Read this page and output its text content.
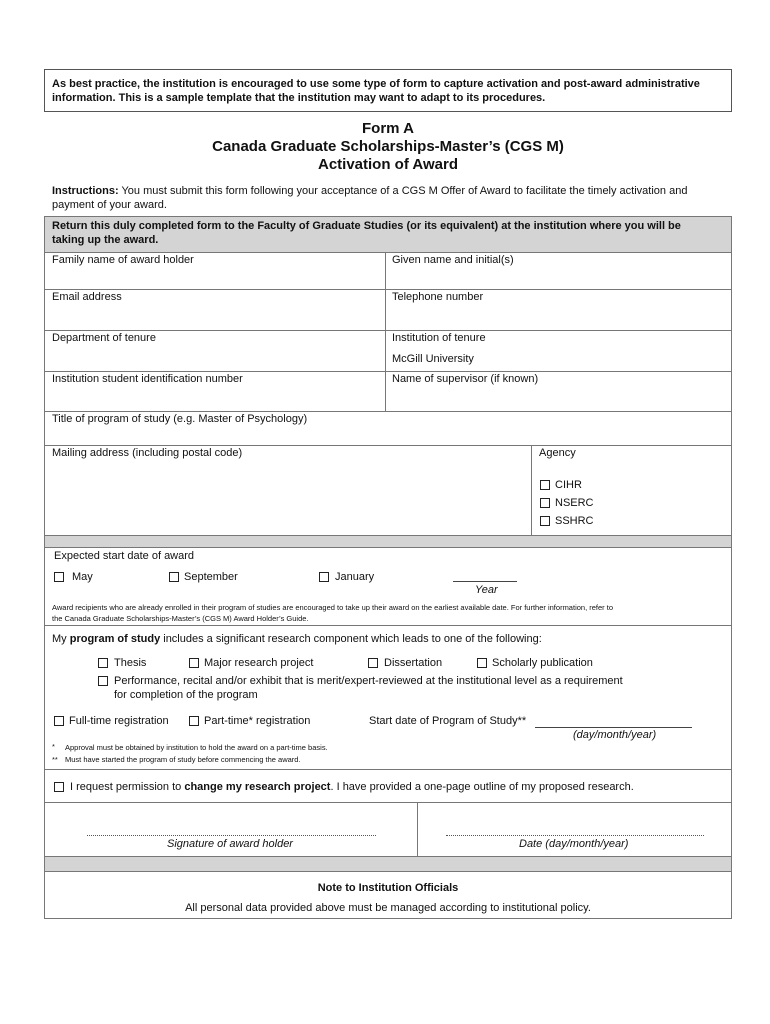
As best practice, the institution is encouraged to use some type of form to capture activation and post-award administrative
information. This is a sample template that the institution may want to adapt to its procedures.
Form A
Canada Graduate Scholarships-Master’s (CGS M)
Activation of Award
Instructions: You must submit this form following your acceptance of a CGS M Offer of Award to facilitate the timely activation and
payment of your award.
Return this duly completed form to the Faculty of Graduate Studies (or its equivalent) at the institution where you will be
taking up the award.
Family name of award holder	Given name and initial(s)
Email address	Telephone number
Department of tenure	Institution of tenure
McGill University
Institution student identification number	Name of supervisor (if known)
Title of program of study (e.g. Master of Psychology)
Mailing address (including postal code)	Agency
CIHR
NSERC
SSHRC
Expected start date of award
May	September	January
Year
Award recipients who are already enrolled in their program of studies are encouraged to take up their award on the earliest available date. For further information, refer to
the Canada Graduate Scholarships-Master’s (CGS M) Award Holder’s Guide.
My program of study includes a significant research component which leads to one of the following:
Thesis	Major research project	Dissertation	Scholarly publication
Performance, recital and/or exhibit that is merit/expert-reviewed at the institutional level as a requirement
for completion of the program
Full-time registration	Part-time* registration	Start date of Program of Study**
(day/month/year)
* Approval must be obtained by institution to hold the award on a part-time basis.
** Must have started the program of study before commencing the award.
I request permission to change my research project. I have provided a one-page outline of my proposed research.
Signature of award holder	Date (day/month/year)
Note to Institution Officials
All personal data provided above must be managed according to institutional policy.
